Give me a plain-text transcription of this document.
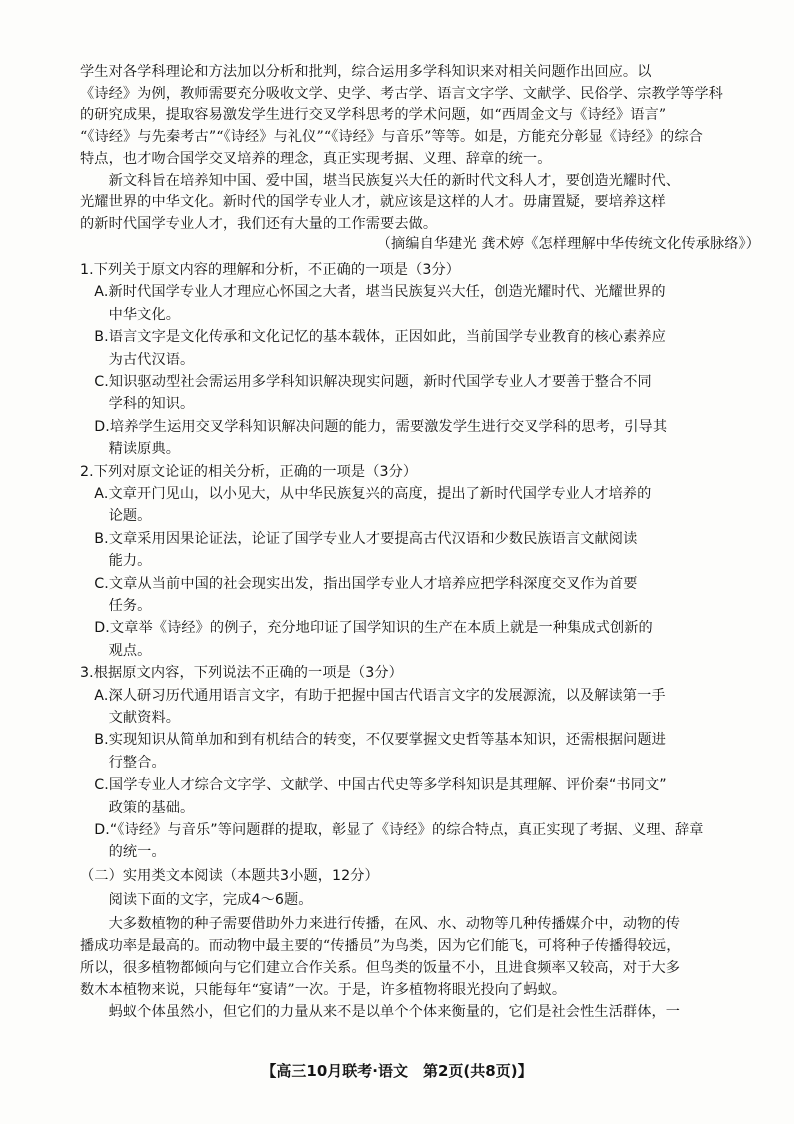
学生对各学科理论和方法加以分析和批判，综合运用多学科知识来对相关问题作出回应。以
《诗经》为例，教师需要充分吸收文学、史学、考古学、语言文字学、文献学、民俗学、宗教学等学科
的研究成果，提取容易激发学生进行交叉学科思考的学术问题，如“西周金文与《诗经》语言”
“《诗经》与先秦考古”“《诗经》与礼仪”“《诗经》与音乐”等等。如是，方能充分彰显《诗经》的综合
特点，也才吻合国学交叉培养的理念，真正实现考据、义理、辞章的统一。
　　新文科旨在培养知中国、爱中国，堪当民族复兴大任的新时代文科人才，要创造光耀时代、
光耀世界的中华文化。新时代的国学专业人才，就应该是这样的人才。毋庸置疑，要培养这样
的新时代国学专业人才，我们还有大量的工作需要去做。
（摘编自华建光 龚术婷《怎样理解中华传统文化传承脉络》）
1.下列关于原文内容的理解和分析，不正确的一项是（3分）
　A.新时代国学专业人才理应心怀国之大者，堪当民族复兴大任，创造光耀时代、光耀世界的
　　中华文化。
　B.语言文字是文化传承和文化记忆的基本载体，正因如此，当前国学专业教育的核心素养应
　　为古代汉语。
　C.知识驱动型社会需运用多学科知识解决现实问题，新时代国学专业人才要善于整合不同
　　学科的知识。
　D.培养学生运用交叉学科知识解决问题的能力，需要激发学生进行交叉学科的思考，引导其
　　精读原典。
2.下列对原文论证的相关分析，正确的一项是（3分）
　A.文章开门见山，以小见大，从中华民族复兴的高度，提出了新时代国学专业人才培养的
　　论题。
　B.文章采用因果论证法，论证了国学专业人才要提高古代汉语和少数民族语言文献阅读
　　能力。
　C.文章从当前中国的社会现实出发，指出国学专业人才培养应把学科深度交叉作为首要
　　任务。
　D.文章举《诗经》的例子，充分地印证了国学知识的生产在本质上就是一种集成式创新的
　　观点。
3.根据原文内容，下列说法不正确的一项是（3分）
　A.深人研习历代通用语言文字，有助于把握中国古代语言文字的发展源流，以及解读第一手
　　文献资料。
　B.实现知识从简单加和到有机结合的转变，不仅要掌握文史哲等基本知识，还需根据问题进
　　行整合。
　C.国学专业人才综合文字学、文献学、中国古代史等多学科知识是其理解、评价秦“书同文”
　　政策的基础。
　D.“《诗经》与音乐”等问题群的提取，彰显了《诗经》的综合特点，真正实现了考据、义理、辞章
　　的统一。
（二）实用类文本阅读（本题共3小题，12分）
　　阅读下面的文字，完成4～6题。
　　大多数植物的种子需要借助外力来进行传播，在风、水、动物等几种传播媒介中，动物的传
播成功率是最高的。而动物中最主要的“传播员”为鸟类，因为它们能飞，可将种子传播得较远，
所以，很多植物都倾向与它们建立合作关系。但鸟类的饭量不小，且进食频率又较高，对于大多
数木本植物来说，只能每年“宴请”一次。于是，许多植物将眼光投向了蚂蚁。
　　蚂蚁个体虽然小，但它们的力量从来不是以单个个体来衡量的，它们是社会性生活群体，一
【高三10月联考·语文　第2页(共8页)】
